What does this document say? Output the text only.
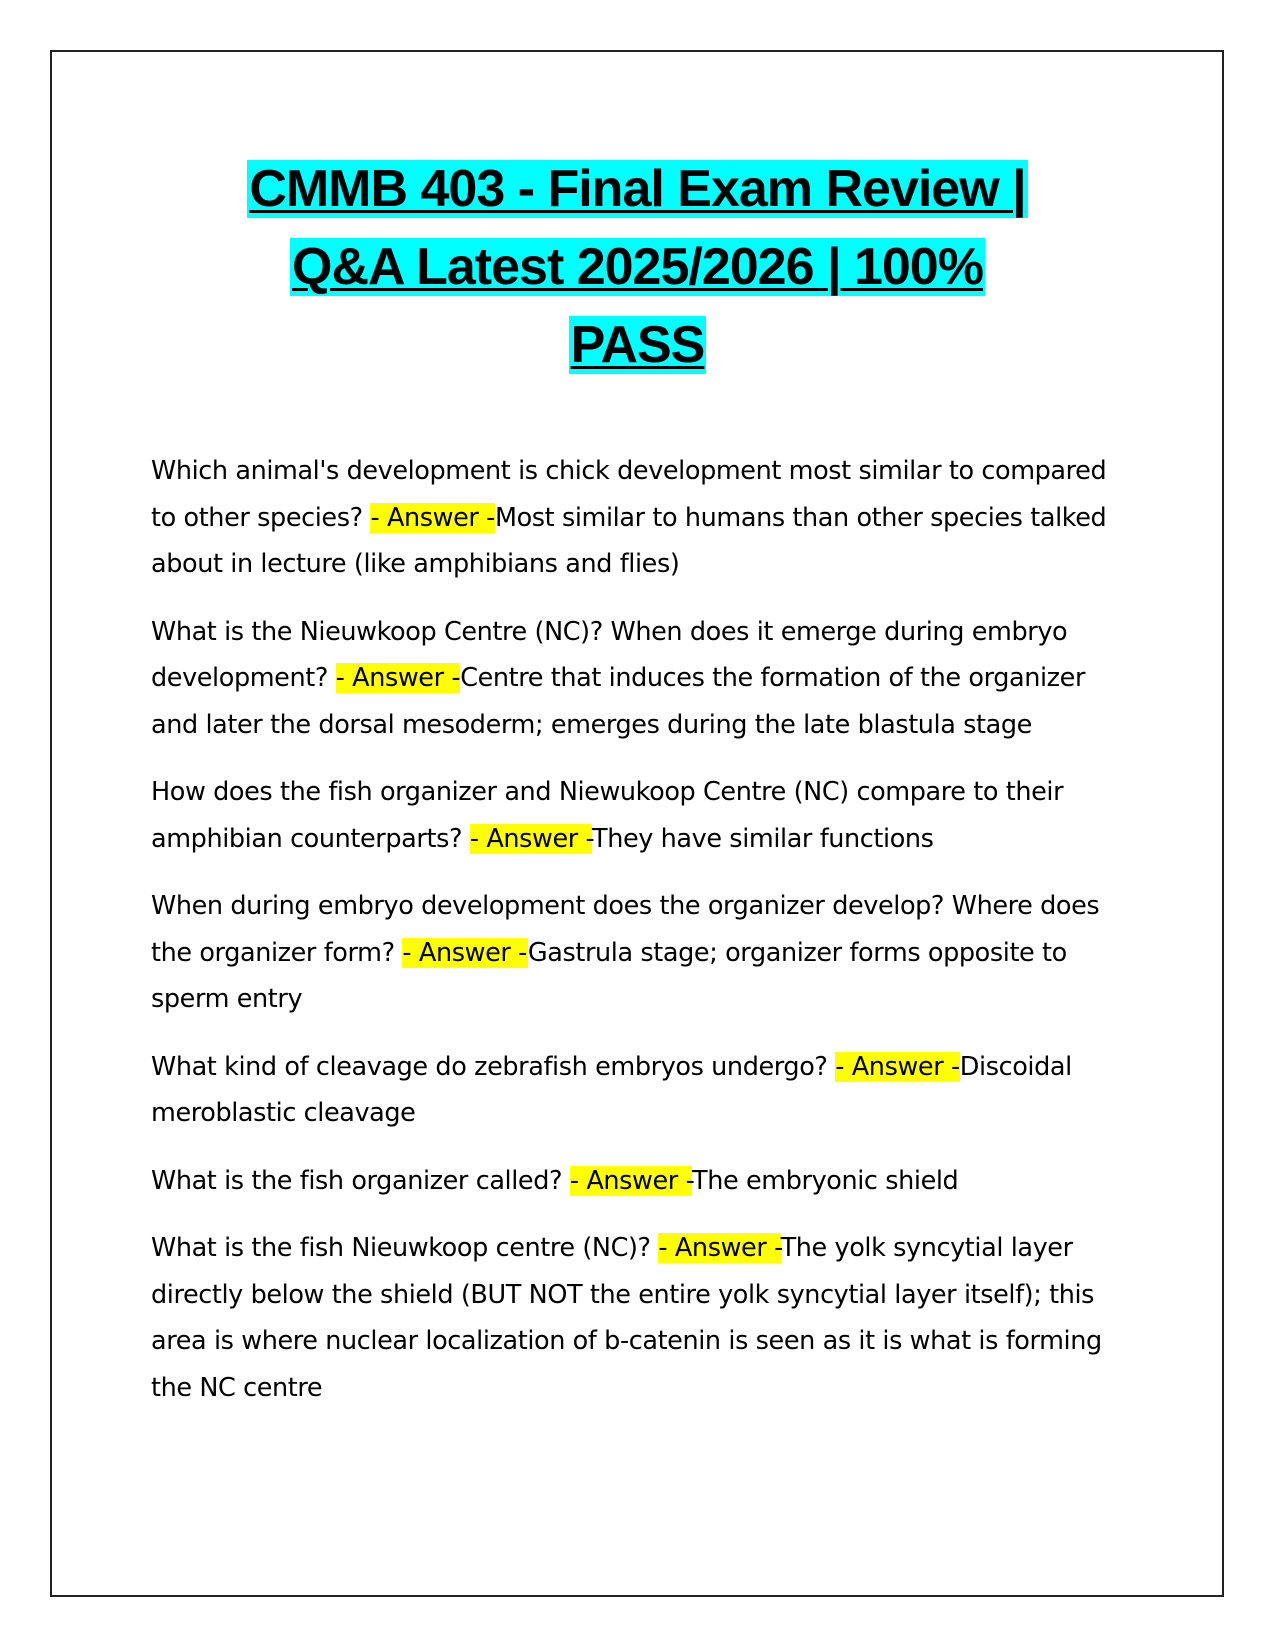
CMMB 403 - Final Exam Review |
Q&A Latest 2025/2026 | 100%
PASS

Which animal's development is chick development most similar to compared to other species? - Answer -Most similar to humans than other species talked about in lecture (like amphibians and flies)

What is the Nieuwkoop Centre (NC)? When does it emerge during embryo development? - Answer -Centre that induces the formation of the organizer and later the dorsal mesoderm; emerges during the late blastula stage

How does the fish organizer and Niewukoop Centre (NC) compare to their amphibian counterparts? - Answer -They have similar functions

When during embryo development does the organizer develop? Where does the organizer form? - Answer -Gastrula stage; organizer forms opposite to sperm entry

What kind of cleavage do zebrafish embryos undergo? - Answer -Discoidal meroblastic cleavage

What is the fish organizer called? - Answer -The embryonic shield

What is the fish Nieuwkoop centre (NC)? - Answer -The yolk syncytial layer directly below the shield (BUT NOT the entire yolk syncytial layer itself); this area is where nuclear localization of b-catenin is seen as it is what is forming the NC centre
